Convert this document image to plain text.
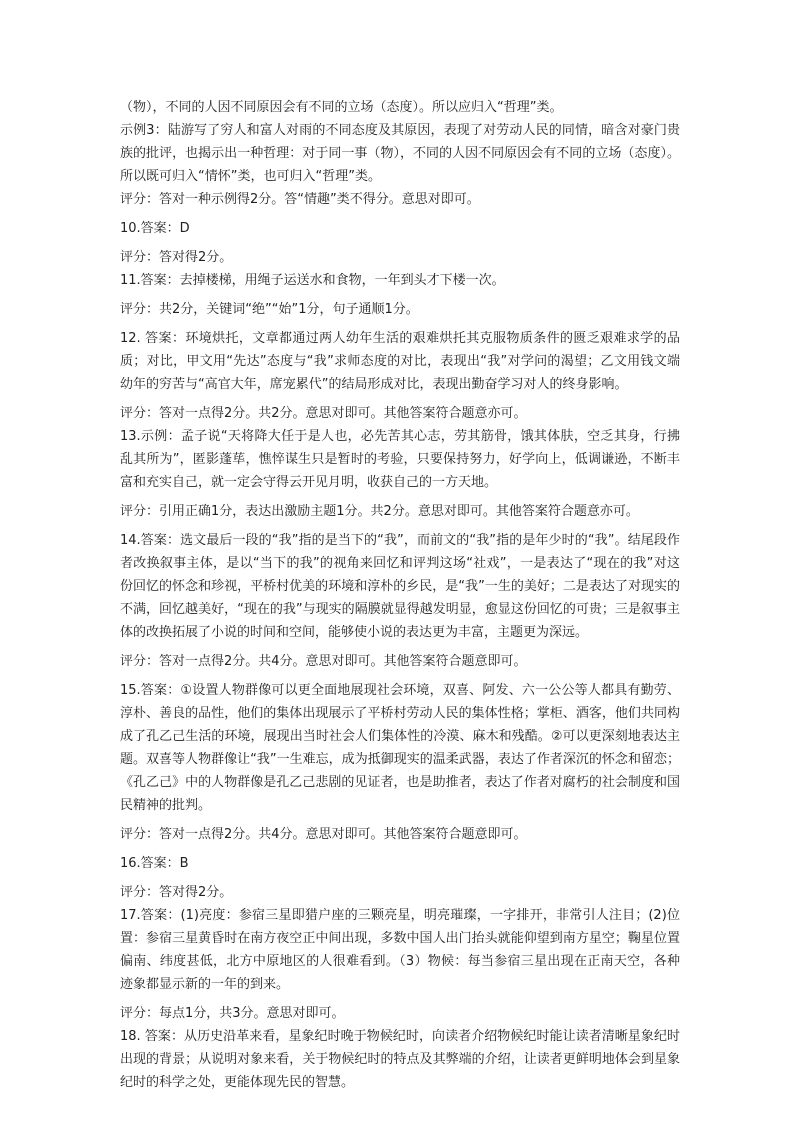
（物），不同的人因不同原因会有不同的立场（态度）。所以应归入“哲理”类。

示例3：陆游写了穷人和富人对雨的不同态度及其原因，表现了对劳动人民的同情，暗含对豪门贵族的批评，也揭示出一种哲理：对于同一事（物），不同的人因不同原因会有不同的立场（态度）。所以既可归入“情怀”类，也可归入“哲理”类。

评分：答对一种示例得2分。答“情趣”类不得分。意思对即可。

10.答案：D

评分：答对得2分。

11.答案：去掉楼梯，用绳子运送水和食物，一年到头才下楼一次。

评分：共2分，关键词“绝”“始”1分，句子通顺1分。

12. 答案：环境烘托，文章都通过两人幼年生活的艰难烘托其克服物质条件的匮乏艰难求学的品质；对比，甲文用“先达”态度与“我”求师态度的对比，表现出“我”对学问的渴望；乙文用钱文端幼年的穷苦与“高官大年，席宠累代”的结局形成对比，表现出勤奋学习对人的终身影响。

评分：答对一点得2分。共2分。意思对即可。其他答案符合题意亦可。

13.示例：孟子说“天将降大任于是人也，必先苦其心志，劳其筋骨，饿其体肤，空乏其身，行拂乱其所为”，匿影蓬荜，憔悴谋生只是暂时的考验，只要保持努力，好学向上，低调谦逊，不断丰富和充实自己，就一定会守得云开见月明，收获自己的一方天地。

评分：引用正确1分，表达出激励主题1分。共2分。意思对即可。其他答案符合题意亦可。

14.答案：选文最后一段的“我”指的是当下的“我”，而前文的“我”指的是年少时的“我”。结尾段作者改换叙事主体，是以“当下的我”的视角来回忆和评判这场“社戏”，一是表达了“现在的我”对这份回忆的怀念和珍视，平桥村优美的环境和淳朴的乡民，是“我”一生的美好；二是表达了对现实的不满，回忆越美好，“现在的我”与现实的隔膜就显得越发明显，愈显这份回忆的可贵；三是叙事主体的改换拓展了小说的时间和空间，能够使小说的表达更为丰富，主题更为深远。

评分：答对一点得2分。共4分。意思对即可。其他答案符合题意即可。

15.答案：①设置人物群像可以更全面地展现社会环境，双喜、阿发、六一公公等人都具有勤劳、淳朴、善良的品性，他们的集体出现展示了平桥村劳动人民的集体性格；掌柜、酒客，他们共同构成了孔乙己生活的环境，展现出当时社会人们集体性的冷漠、麻木和残酷。②可以更深刻地表达主题。双喜等人物群像让“我”一生难忘，成为抵御现实的温柔武器，表达了作者深沉的怀念和留恋；《孔乙己》中的人物群像是孔乙己悲剧的见证者，也是助推者，表达了作者对腐朽的社会制度和国民精神的批判。

评分：答对一点得2分。共4分。意思对即可。其他答案符合题意即可。

16.答案：B

评分：答对得2分。

17.答案：(1)亮度：参宿三星即猎户座的三颗亮星，明亮璀璨，一字排开，非常引人注目；(2)位置：参宿三星黄昏时在南方夜空正中间出现，多数中国人出门抬头就能仰望到南方星空；鞠星位置偏南、纬度甚低，北方中原地区的人很难看到。（3）物候：每当参宿三星出现在正南天空，各种迹象都显示新的一年的到来。

评分：每点1分，共3分。意思对即可。

18. 答案：从历史沿革来看，星象纪时晚于物候纪时，向读者介绍物候纪时能让读者清晰星象纪时出现的背景；从说明对象来看，关于物候纪时的特点及其弊端的介绍，让读者更鲜明地体会到星象纪时的科学之处，更能体现先民的智慧。
